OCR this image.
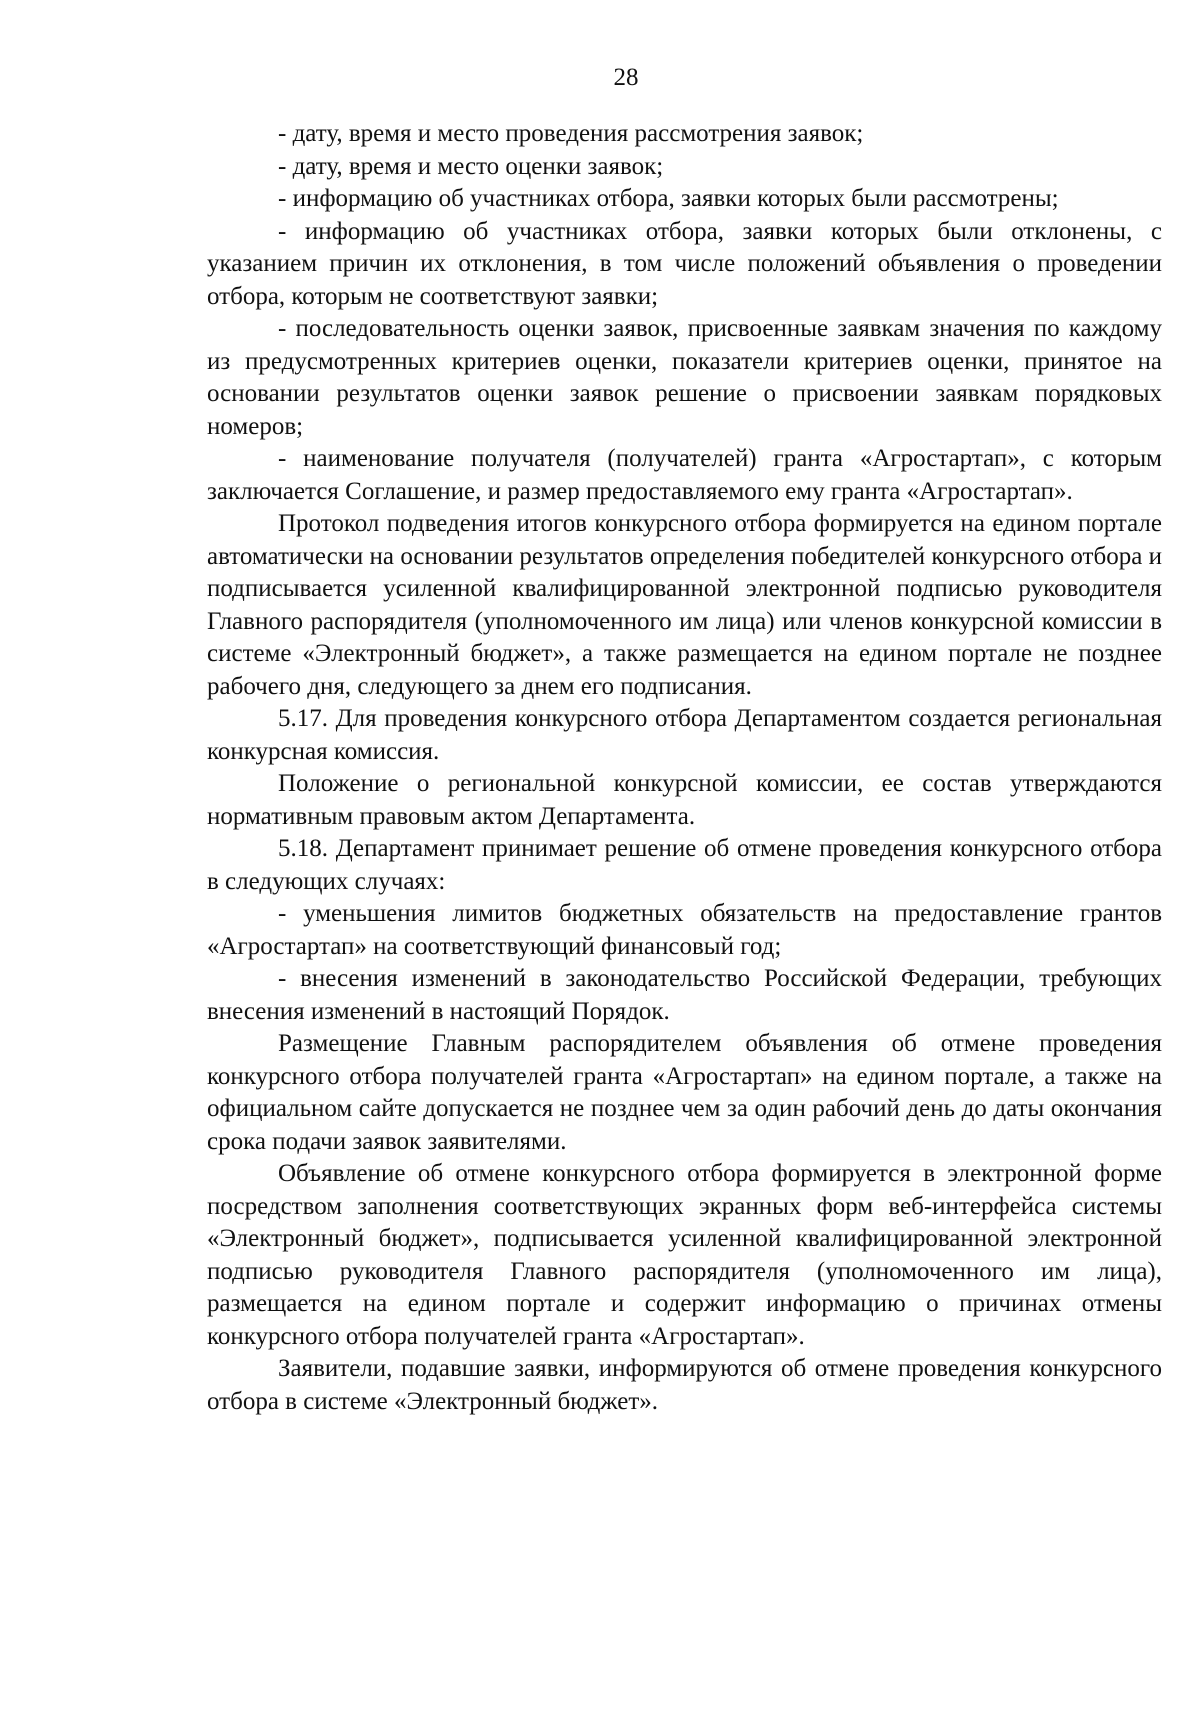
28

- дату, время и место проведения рассмотрения заявок;

- дату, время и место оценки заявок;

- информацию об участниках отбора, заявки которых были рассмотрены;

- информацию об участниках отбора, заявки которых были отклонены, с указанием причин их отклонения, в том числе положений объявления о проведении отбора, которым не соответствуют заявки;

- последовательность оценки заявок, присвоенные заявкам значения по каждому из предусмотренных критериев оценки, показатели критериев оценки, принятое на основании результатов оценки заявок решение о присвоении заявкам порядковых номеров;

- наименование получателя (получателей) гранта «Агростартап», с которым заключается Соглашение, и размер предоставляемого ему гранта «Агростартап».

Протокол подведения итогов конкурсного отбора формируется на едином портале автоматически на основании результатов определения победителей конкурсного отбора и подписывается усиленной квалифицированной электронной подписью руководителя Главного распорядителя (уполномоченного им лица) или членов конкурсной комиссии в системе «Электронный бюджет», а также размещается на едином портале не позднее рабочего дня, следующего за днем его подписания.

5.17. Для проведения конкурсного отбора Департаментом создается региональная конкурсная комиссия.

Положение о региональной конкурсной комиссии, ее состав утверждаются нормативным правовым актом Департамента.

5.18. Департамент принимает решение об отмене проведения конкурсного отбора в следующих случаях:

- уменьшения лимитов бюджетных обязательств на предоставление грантов «Агростартап» на соответствующий финансовый год;

- внесения изменений в законодательство Российской Федерации, требующих внесения изменений в настоящий Порядок.

Размещение Главным распорядителем объявления об отмене проведения конкурсного отбора получателей гранта «Агростартап» на едином портале, а также на официальном сайте допускается не позднее чем за один рабочий день до даты окончания срока подачи заявок заявителями.

Объявление об отмене конкурсного отбора формируется в электронной форме посредством заполнения соответствующих экранных форм веб-интерфейса системы «Электронный бюджет», подписывается усиленной квалифицированной электронной подписью руководителя Главного распорядителя (уполномоченного им лица), размещается на едином портале и содержит информацию о причинах отмены конкурсного отбора получателей гранта «Агростартап».

Заявители, подавшие заявки, информируются об отмене проведения конкурсного отбора в системе «Электронный бюджет».
